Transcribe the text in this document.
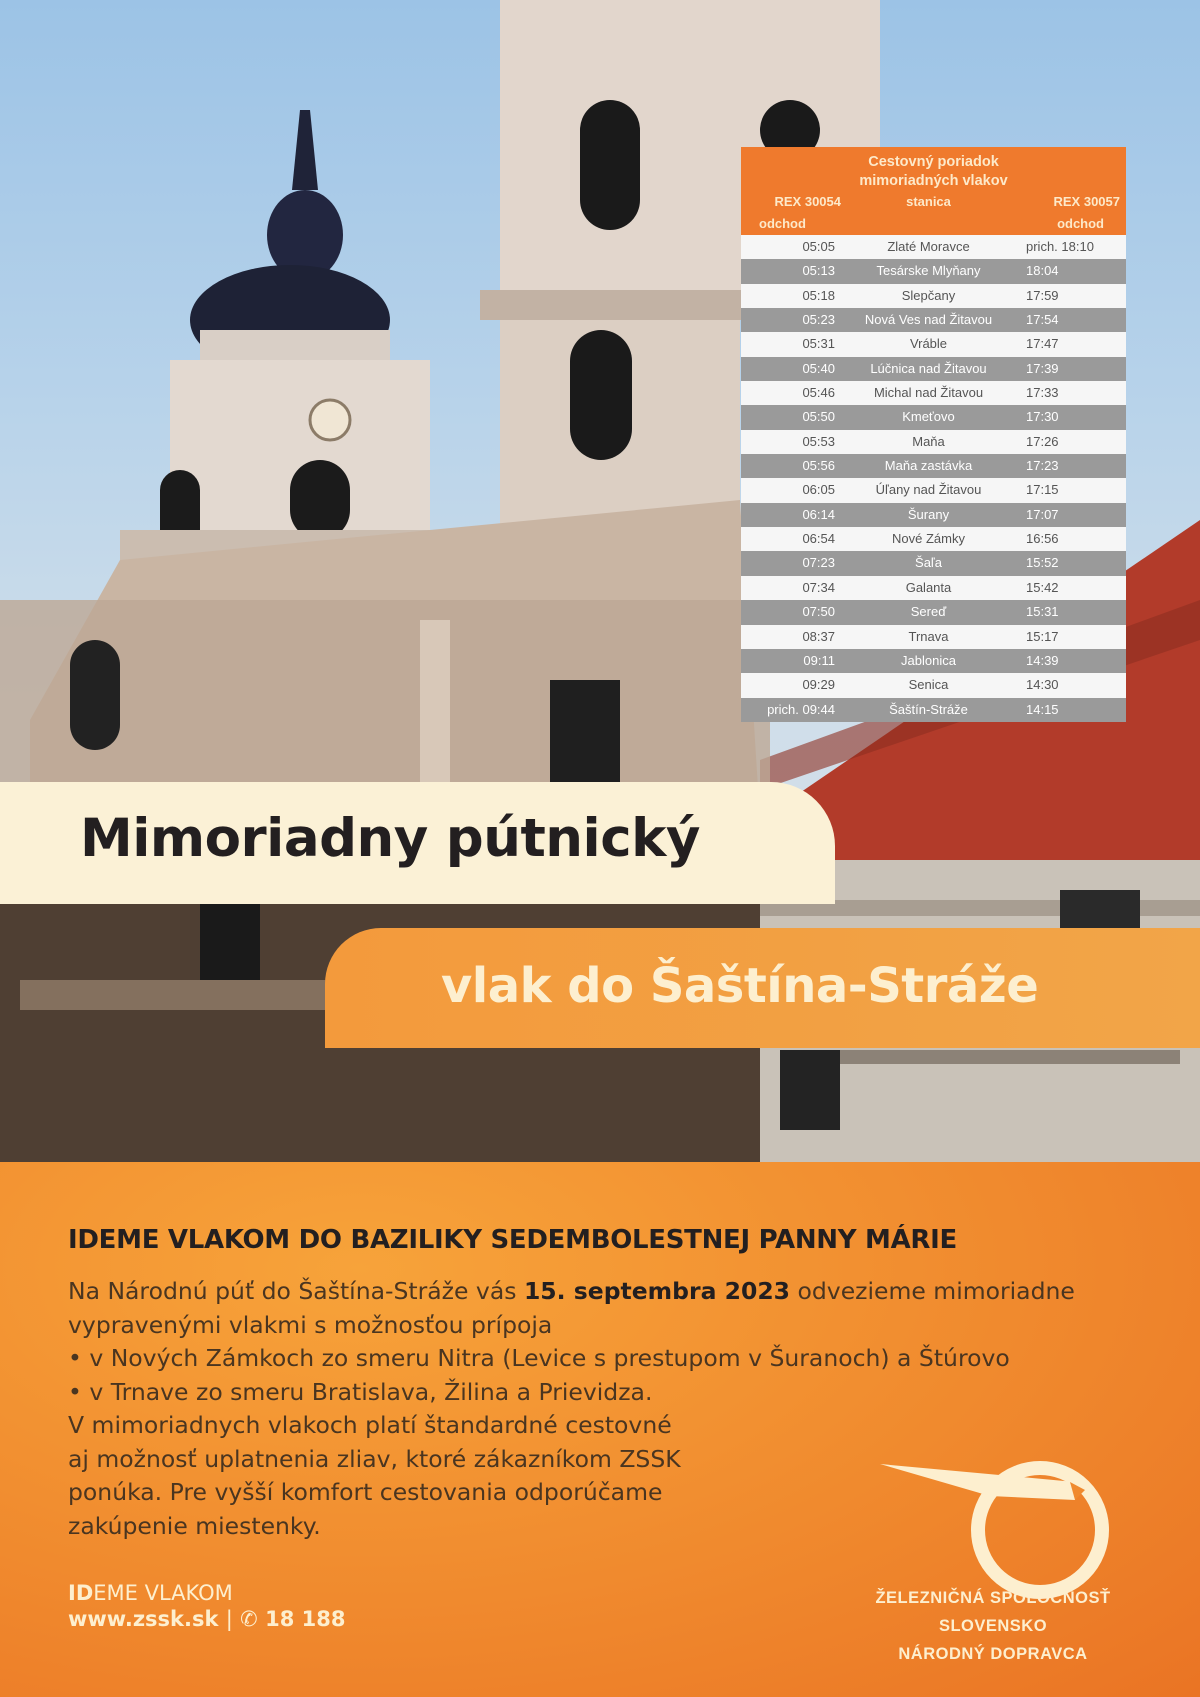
Cestovný poriadok
mimoriadných vlakov
REX 30054	stanica	REX 30057
odchod	odchod
05:05	Zlaté Moravce	prich. 18:10
05:13	Tesárske Mlyňany	18:04
05:18	Slepčany	17:59
05:23	Nová Ves nad Žitavou	17:54
05:31	Vráble	17:47
05:40	Lúčnica nad Žitavou	17:39
05:46	Michal nad Žitavou	17:33
05:50	Kmeťovo	17:30
05:53	Maňa	17:26
05:56	Maňa zastávka	17:23
06:05	Úľany nad Žitavou	17:15
06:14	Šurany	17:07
06:54	Nové Zámky	16:56
07:23	Šaľa	15:52
07:34	Galanta	15:42
07:50	Sereď	15:31
08:37	Trnava	15:17
09:11	Jablonica	14:39
09:29	Senica	14:30
prich. 09:44	Šaštín-Stráže	14:15
Mimoriadny pútnický
vlak do Šaštína-Stráže
IDEME VLAKOM DO BAZILIKY SEDEMBOLESTNEJ PANNY MÁRIE
Na Národnú púť do Šaštína-Stráže vás 15. septembra 2023 odvezieme mimoriadne
vypravenými vlakmi s možnosťou prípoja
• v Nových Zámkoch zo smeru Nitra (Levice s prestupom v Šuranoch) a Štúrovo
• v Trnave zo smeru Bratislava, Žilina a Prievidza.
V mimoriadnych vlakoch platí štandardné cestovné
aj možnosť uplatnenia zliav, ktoré zákazníkom ZSSK
ponúka. Pre vyšší komfort cestovania odporúčame
zakúpenie miestenky.
IDEME VLAKOM
www.zssk.sk | ✆ 18 188
ŽELEZNIČNÁ SPOLOČNOSŤ SLOVENSKO
NÁRODNÝ DOPRAVCA
